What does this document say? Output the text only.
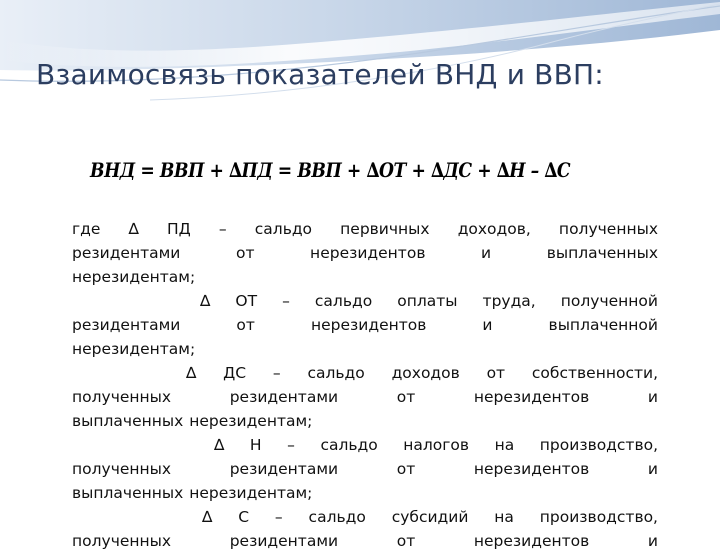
Взаимосвязь показателей ВНД и ВВП:
ВНД = ВВП + ∆ПД = ВВП + ∆ОТ + ∆ДС + ∆Н – ∆С

где ∆ ПД – сальдо первичных доходов, полученных

резидентами от нерезидентов и выплаченных

нерезидентам;

∆ ОТ – сальдо оплаты труда, полученной

резидентами от нерезидентов и выплаченной

нерезидентам;

∆ ДС – сальдо доходов от собственности,

полученных резидентами от нерезидентов и

выплаченных нерезидентам;

∆ Н – сальдо налогов на производство,

полученных резидентами от нерезидентов и

выплаченных нерезидентам;

∆ С – сальдо субсидий на производство,

полученных резидентами от нерезидентов и
